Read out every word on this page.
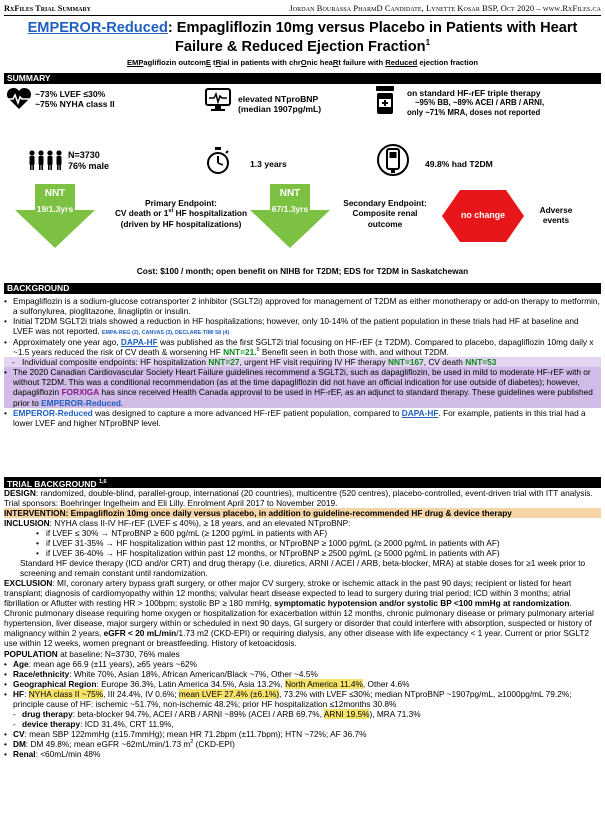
RxFiles Trial Summary	Jordan Bourassa PharmD Candidate, Lynette Kosar BSP, Oct 2020 – www.RxFiles.ca
EMPEROR-Reduced: Empagliflozin 10mg versus Placebo in Patients with Heart Failure & Reduced Ejection Fraction$^1$
EMPagliflozin outcomE tRial in patients with chrOnic heaRt failure with Reduced ejection fraction
SUMMARY
~73% LVEF ≤30%
~75% NYHA class II
elevated NTproBNP
(median 1907pg/mL)
on standard HF-rEF triple therapy
~95% BB, ~89% ACEI / ARB / ARNI,
only ~71% MRA, doses not reported
N=3730
76% male	1.3 years	49.8% had T2DM
NNT
19/1.3yrs
Primary Endpoint:
CV death or 1st HF hospitalization
(driven by HF hospitalizations)
NNT
67/1.3yrs
Secondary Endpoint:
Composite renal
outcome
no change	Adverse
events
Cost: $100 / month; open benefit on NIHB for T2DM; EDS for T2DM in Saskatchewan
BACKGROUND

• Empagliflozin is a sodium-glucose cotransporter 2 inhibitor (SGLT2i) approved for management of T2DM as either monotherapy or add-on therapy to metformin, a sulfonylurea, pioglitazone, linagliptin or insulin.

• Initial T2DM SGLT2i trials showed a reduction in HF hospitalizations; however, only 10-14% of the patient population in these trials had HF at baseline and LVEF was not reported. EMPA-REG (2), CANVAS (3), DECLARE-TIMI 58 (4)

• Approximately one year ago, DAPA-HF was published as the first SGLT2i trial focusing on HF-rEF (± T2DM). Compared to placebo, dapagliflozin 10mg daily x ~1.5 years reduced the risk of CV death & worsening HF NNT=21.$^5$ Benefit seen in both those with, and without T2DM.

- Individual composite endpoints: HF hospitalization NNT=27, urgent HF visit requiring IV HF therapy NNT=167, CV death NNT=53

• The 2020 Canadian Cardiovascular Society Heart Failure guidelines recommend a SGLT2i, such as dapagliflozin, be used in mild to moderate HF-rEF with or without T2DM. This was a conditional recommendation (as at the time dapagliflozin did not have an official indication for use outside of diabetes); however, dapagliflozin FORXIGA has since received Health Canada approval to be used in HF-rEF, as an adjunct to standard therapy. These guidelines were published prior to EMPEROR-Reduced.

• EMPEROR-Reduced was designed to capture a more advanced HF-rEF patient population, compared to DAPA-HF. For example, patients in this trial had a lower LVEF and higher NTproBNP level.

TRIAL BACKGROUND $^{1,6}$
DESIGN: randomized, double-blind, parallel-group, international (20 countries), multicentre (520 centres), placebo-controlled, event-driven trial with ITT analysis. Trial sponsors: Boehringer Ingelheim and Eli Lilly. Enrolment April 2017 to November 2019.
INTERVENTION: Empagliflozin 10mg once daily versus placebo, in addition to guideline-recommended HF drug & device therapy
INCLUSION: NYHA class II-IV HF-rEF (LVEF ≤ 40%), ≥ 18 years, and an elevated NTproBNP:
• if LVEF ≤ 30% → NTproBNP ≥ 600 pg/mL (≥ 1200 pg/mL in patients with AF)
• if LVEF 31-35% → HF hospitalization within past 12 months, or NTproBNP ≥ 1000 pg/mL (≥ 2000 pg/mL in patients with AF)
• if LVEF 36-40% → HF hospitalization within past 12 months, or NTproBNP ≥ 2500 pg/mL (≥ 5000 pg/mL in patients with AF)
Standard HF device therapy (ICD and/or CRT) and drug therapy (i.e. diuretics, ARNI / ACEI / ARB, beta-blocker, MRA) at stable doses for ≥1 week prior to screening and remain constant until randomization.
EXCLUSION: MI, coronary artery bypass graft surgery, or other major CV surgery, stroke or ischemic attack in the past 90 days; recipient or listed for heart transplant; diagnosis of cardiomyopathy within 12 months; valvular heart disease expected to lead to surgery during trial period; ICD within 3 months; atrial fibrillation or Aflutter with resting HR > 100bpm; systolic BP ≥ 180 mmHg, symptomatic hypotension and/or systolic BP <100 mmHg at randomization. Chronic pulmonary disease requiring home oxygen or hospitalization for exacerbation within 12 months, chronic pulmonary disease or primary pulmonary arterial hypertension, liver disease, major surgery within or scheduled in next 90 days, GI surgery or disorder that could interfere with absorption, suspected or history of malignancy within 2 years, eGFR < 20 mL/min/1.73 m2 (CKD-EPI) or requiring dialysis, any other disease with life expectancy < 1 year. Current or prior SGLT2 use within 12 weeks, women pregnant or breastfeeding. History of ketoacidosis.
POPULATION at baseline: N=3730, 76% males
• Age: mean age 66.9 (±11 years), ≥65 years ~62%
• Race/ethnicity: White 70%, Asian 18%, African American/Black ~7%, Other ~4.5%
• Geographical Region: Europe 36.3%, Latin America 34.5%, Asia 13.2%, North America 11.4%, Other 4.6%
• HF: NYHA class II ~75%, III 24.4%, IV 0.6%; mean LVEF 27.4% (±6.1%), 73.2% with LVEF ≤30%; median NTproBNP ~1907pg/mL, ≥1000pg/mL 79.2%; principle cause of HF: ischemic ~51.7%, non-ischemic 48.2%; prior HF hospitalization ≤12months 30.8%
- drug therapy: beta-blocker 94.7%, ACEI / ARB / ARNI ~89% (ACEI / ARB 69.7%, ARNI 19.5%), MRA 71.3%
- device therapy: ICD 31.4%, CRT 11.9%,
• CV: mean SBP 122mmHg (±15.7mmHg); mean HR 71.2bpm (±11.7bpm); HTN ~72%; AF 36.7%
• DM: DM 49.8%; mean eGFR ~62mL/min/1.73 $m^2$ (CKD-EPI)
• Renal: <60mL/min 48%
